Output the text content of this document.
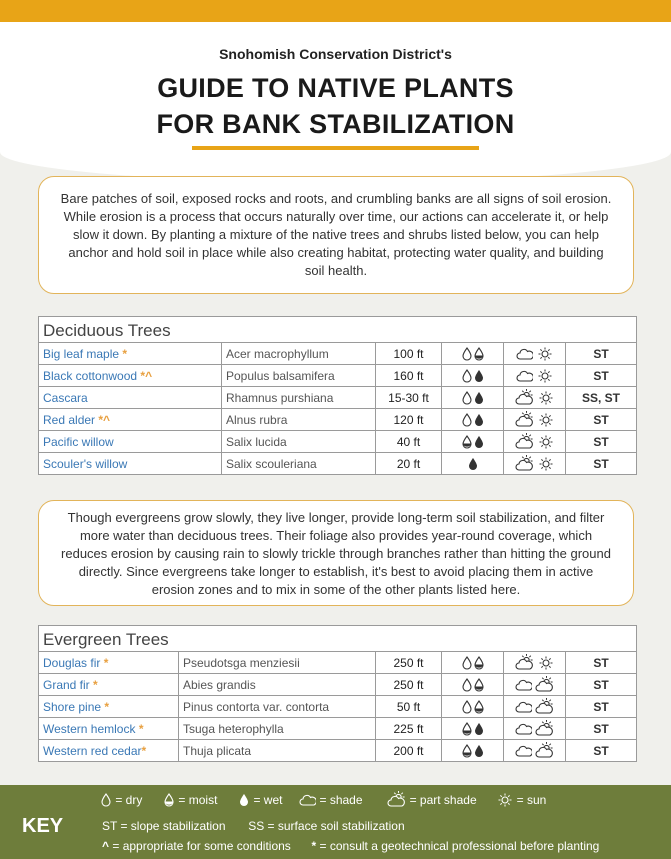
Snohomish Conservation District's
GUIDE TO NATIVE PLANTS
FOR BANK STABILIZATION

Bare patches of soil, exposed rocks and roots, and crumbling banks are all signs of soil erosion. While erosion is a process that occurs naturally over time, our actions can accelerate it, or help slow it down. By planting a mixture of the native trees and shrubs listed below, you can help anchor and hold soil in place while also creating habitat, protecting water quality, and building soil health.

Deciduous Trees					
Big leaf maple *	Acer macrophyllum	100 ft			ST
Black cottonwood *^	Populus balsamifera	160 ft			ST
Cascara	Rhamnus purshiana	15-30 ft			SS, ST
Red alder *^	Alnus rubra	120 ft			ST
Pacific willow	Salix lucida	40 ft			ST
Scouler's willow	Salix scouleriana	20 ft			ST

Though evergreens grow slowly, they live longer, provide long-term soil stabilization, and filter more water than deciduous trees. Their foliage also provides year-round coverage, which reduces erosion by causing rain to slowly trickle through branches rather than hitting the ground directly. Since evergreens take longer to establish, it's best to avoid placing them in active erosion zones and to mix in some of the other plants listed here.

Evergreen Trees					
Douglas fir *	Pseudotsga menziesii	250 ft			ST
Grand fir *	Abies grandis	250 ft			ST
Shore pine *	Pinus contorta var. contorta	50 ft			ST
Western hemlock *	Tsuga heterophylla	225 ft			ST
Western red cedar*	Thuja plicata	200 ft			ST
KEY
= dry	= moist	= wet	= shade	= part shade	= sun
ST = slope stabilization SS = surface soil stabilization
^ = appropriate for some conditions * = consult a geotechnical professional before planting
